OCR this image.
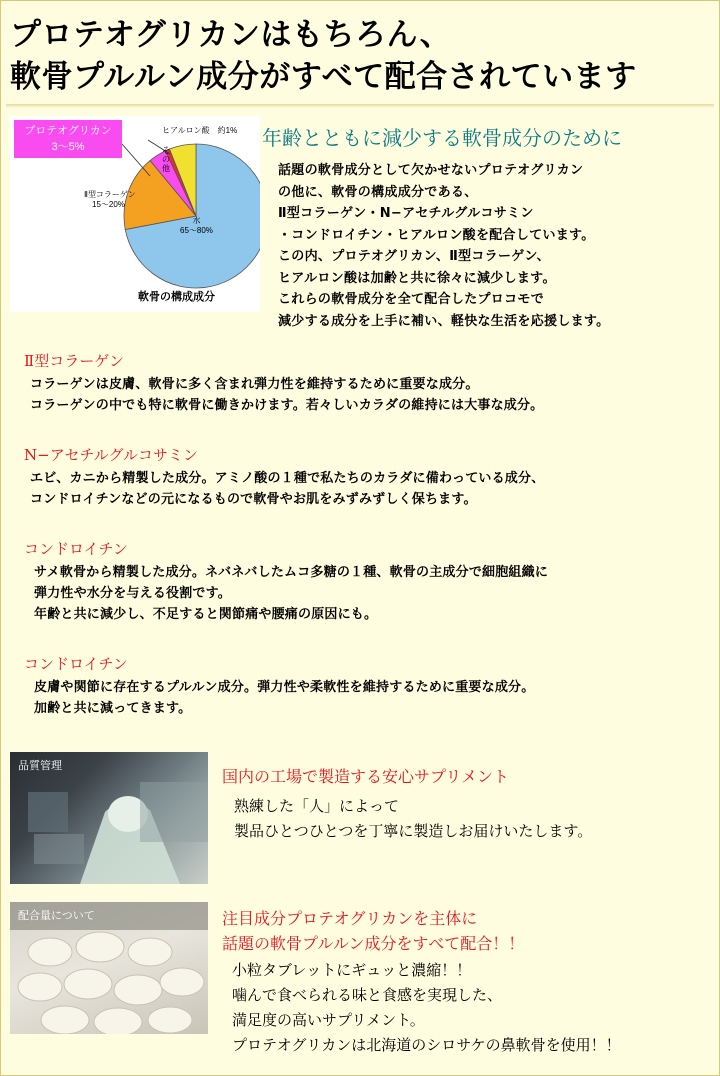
プロテオグリカンはもちろん、
軟骨プルルン成分がすべて配合されています
プロテオグリカン
3～5%
ヒアルロン酸　約1%
その他
Ⅱ型コラーゲン
15～20%
水
65～80%
軟骨の構成成分
年齢とともに減少する軟骨成分のために
話題の軟骨成分として欠かせないプロテオグリカン
の他に、軟骨の構成成分である、
Ⅱ型コラーゲン・N−アセチルグルコサミン
・コンドロイチン・ヒアルロン酸を配合しています。
この内、プロテオグリカン、Ⅱ型コラーゲン、
ヒアルロン酸は加齢と共に徐々に減少します。
これらの軟骨成分を全て配合したプロコモで
減少する成分を上手に補い、軽快な生活を応援します。
Ⅱ型コラーゲン
コラーゲンは皮膚、軟骨に多く含まれ弾力性を維持するために重要な成分。
コラーゲンの中でも特に軟骨に働きかけます。若々しいカラダの維持には大事な成分。
N−アセチルグルコサミン
エビ、カニから精製した成分。アミノ酸の１種で私たちのカラダに備わっている成分、
コンドロイチンなどの元になるもので軟骨やお肌をみずみずしく保ちます。
コンドロイチン
サメ軟骨から精製した成分。ネバネバしたムコ多糖の１種、軟骨の主成分で細胞組織に
弾力性や水分を与える役割です。
年齢と共に減少し、不足すると関節痛や腰痛の原因にも。
コンドロイチン
皮膚や関節に存在するプルルン成分。弾力性や柔軟性を維持するために重要な成分。
加齢と共に減ってきます。
品質管理
国内の工場で製造する安心サプリメント
熟練した「人」によって
製品ひとつひとつを丁寧に製造しお届けいたします。
配合量について	注目成分プロテオグリカンを主体に
話題の軟骨プルルン成分をすべて配合！！
小粒タブレットにギュッと濃縮！！
噛んで食べられる味と食感を実現した、
満足度の高いサプリメント。
プロテオグリカンは北海道のシロサケの鼻軟骨を使用！！
